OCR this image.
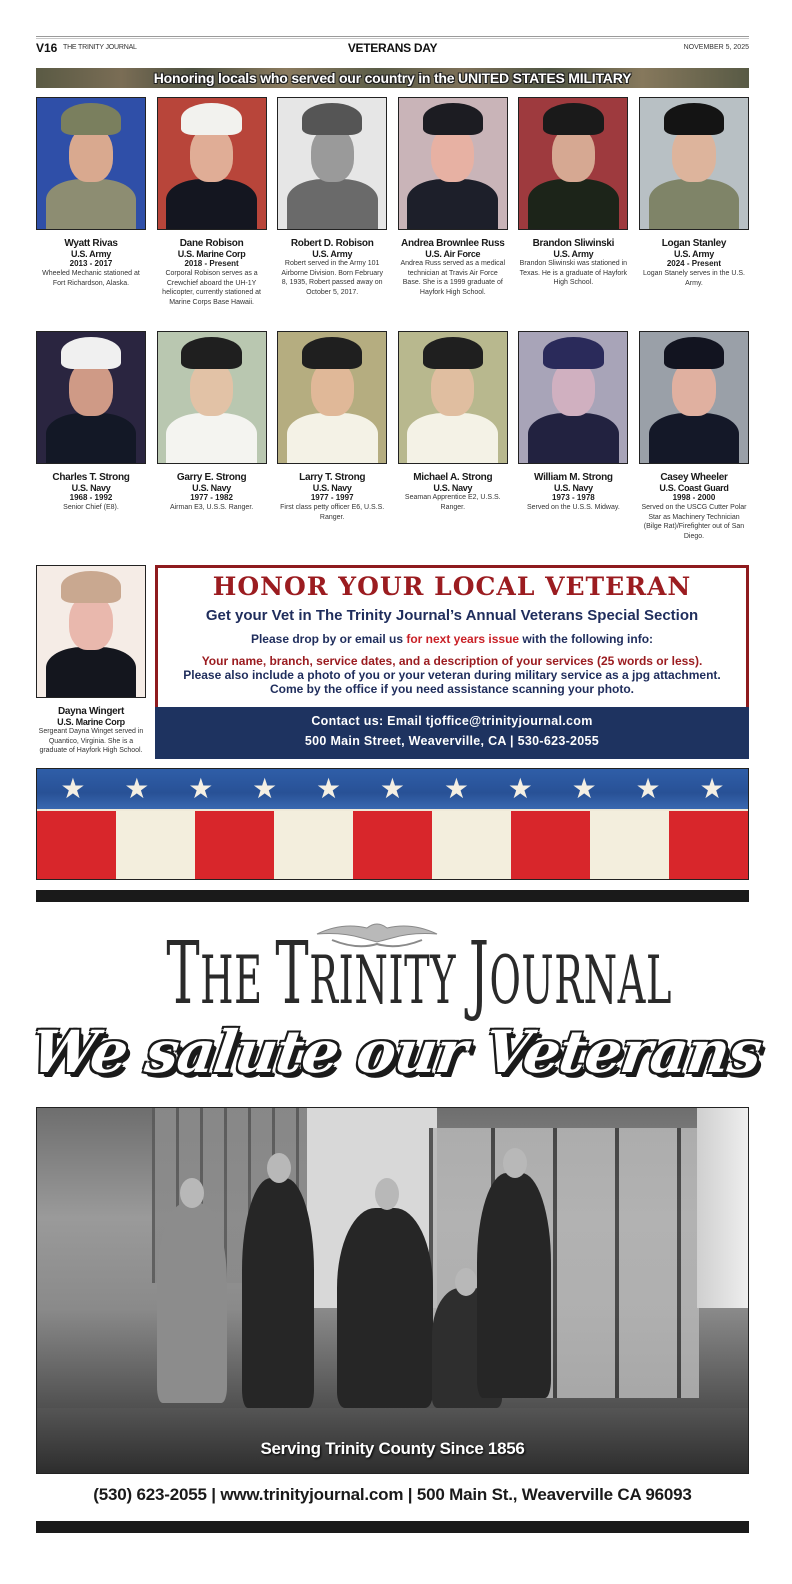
V16 THE TRINITY JOURNAL	VETERANS DAY	NOVEMBER 5, 2025
Honoring locals who served our country in the UNITED STATES MILITARY
Wyatt Rivas
U.S. Army
2013 - 2017
Wheeled Mechanic stationed at Fort Richardson, Alaska.
Dane Robison
U.S. Marine Corp
2018 - Present
Corporal Robison serves as a Crewchief aboard the UH-1Y helicopter, currently stationed at Marine Corps Base Hawaii.
Robert D. Robison
U.S. Army
Robert served in the Army 101 Airborne Division. Born February 8, 1935, Robert passed away on October 5, 2017.
Andrea Brownlee Russ
U.S. Air Force
Andrea Russ served as a medical technician at Travis Air Force Base. She is a 1999 graduate of Hayfork High School.
Brandon Sliwinski
U.S. Army
Brandon Sliwinski was stationed in Texas. He is a graduate of Hayfork High School.
Logan Stanley
U.S. Army
2024 - Present
Logan Stanely serves in the U.S. Army.
Charles T. Strong
U.S. Navy
1968 - 1992
Senior Chief (E8).
Garry E. Strong
U.S. Navy
1977 - 1982
Airman E3, U.S.S. Ranger.
Larry T. Strong
U.S. Navy
1977 - 1997
First class petty officer E6, U.S.S. Ranger.
Michael A. Strong
U.S. Navy
Seaman Apprentice E2, U.S.S. Ranger.
William M. Strong
U.S. Navy
1973 - 1978
Served on the U.S.S. Midway.
Casey Wheeler
U.S. Coast Guard
1998 - 2000
Served on the USCG Cutter Polar Star as Machinery Technician (Bilge Rat)/Firefighter out of San Diego.
Dayna Wingert
U.S. Marine Corp
Sergeant Dayna Winget served in Quantico, Virginia. She is a graduate of Hayfork High School.
HONOR YOUR LOCAL VETERAN
Get your Vet in The Trinity Journal’s Annual Veterans Special Section
Please drop by or email us for next years issue with the following info:
Your name, branch, service dates, and a description of your services (25 words or less).
Please also include a photo of you or your veteran during military service as a jpg attachment.
Come by the office if you need assistance scanning your photo.
Contact us: Email tjoffice@trinityjournal.com
500 Main Street, Weaverville, CA | 530-623-2055
★ ★ ★ ★ ★ ★ ★ ★ ★ ★ ★
THE TRINITY JOURNAL
We salute our Veterans
Serving Trinity County Since 1856
(530) 623-2055 | www.trinityjournal.com | 500 Main St., Weaverville CA 96093
